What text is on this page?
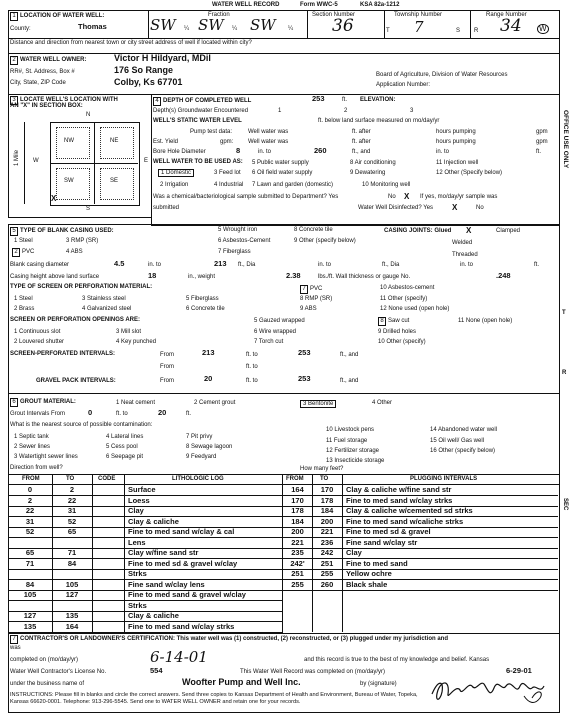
WATER WELL RECORD	Form WWC-5	KSA 82a-1212
1 LOCATION OF WATER WELL:
County:	Thomas
Fraction
SW ¼ SW ¼ SW ¼
Section Number
36
Township Number
T 7	S
Range Number
R 34 W
Distance and direction from nearest town or city street address of well if located within city?
2 WATER WELL OWNER:	Victor H Hildyard, MDil
RR#, St. Address, Box #	176 So Range
City, State, ZIP Code	Colby, Ks 67701
Board of Agriculture, Division of Water Resources
Application Number:
3 LOCATE WELL'S LOCATION WITH
AN "X" IN SECTION BOX:
N
S
W	E
1 Mile
NW	NE
SW	SE
X
4 DEPTH OF COMPLETED WELL	253	ft. ELEVATION:
Depth(s) Groundwater Encountered	1	2	3
WELL'S STATIC WATER LEVEL	ft. below land surface measured on mo/day/yr
Pump test data:	Well water was	ft. after	hours pumping	gpm
Est. Yield	gpm: Well water was	ft. after	hours pumping	gpm
Bore Hole Diameter	8	in. to	260	ft., and	in. to	ft.
WELL WATER TO BE USED AS:
1 Domestic	3 Feed lot
5 Public water supply	8 Air conditioning	11 Injection well
2 Irrigation	4 Industrial
6 Oil field water supply	9 Dewatering	12 Other (Specify below)
7 Lawn and garden (domestic)	10 Monitoring well
Was a chemical/bacteriological sample submitted to Department? Yes	No X If yes, mo/day/yr sample was
submitted	Water Well Disinfected? Yes X	No
5 TYPE OF BLANK CASING USED:
1 Steel	3 RMP (SR)
5 Wrought iron
6 Asbestos-Cement
8 Concrete tile
9 Other (specify below)
2 PVC	4 ABS	7 Fiberglass
CASING JOINTS: Glued X	Clamped
Welded
Threaded
Blank casing diameter	4.5	in. to	213 ft., Dia	in. to	ft., Dia	in. to	ft.
Casing height above land surface	18	in., weight	2.38	lbs./ft. Wall thickness or gauge No.	.248
TYPE OF SCREEN OR PERFORATION MATERIAL:	7 PVC	10 Asbestos-cement
1 Steel	3 Stainless steel	5 Fiberglass	8 RMP (SR)	11 Other (specify)
2 Brass	4 Galvanized steel	6 Concrete tile	9 ABS	12 None used (open hole)
SCREEN OR PERFORATION OPENINGS ARE:	5 Gauzed wrapped	8 Saw cut	11 None (open hole)
1 Continuous slot	3 Mill slot	6 Wire wrapped	9 Drilled holes
2 Louvered shutter	4 Key punched	7 Torch cut	10 Other (specify)
SCREEN-PERFORATED INTERVALS:	From	213	ft. to	253	ft., and
From	ft. to
GRAVEL PACK INTERVALS:	From	20	ft. to	253	ft., and
6 GROUT MATERIAL:	1 Neat cement	2 Cement grout	3 Bentonite	4 Other
Grout Intervals From	0	ft. to	20	ft.
What is the nearest source of possible contamination:
1 Septic tank	4 Lateral lines	7 Pit privy
10 Livestock pens	14 Abandoned water well
2 Sewer lines	5 Cess pool	8 Sewage lagoon
11 Fuel storage	15 Oil well/ Gas well
3 Watertight sewer lines	6 Seepage pit	9 Feedyard
12 Fertilizer storage	16 Other (specify below)
13 Insecticide storage
Direction from well?	How many feet?
FROM	TO	CODE	LITHOLOGIC LOG	FROM	TO	PLUGGING INTERVALS
0	2	Surface
2	22	Loess
22	31	Clay
31	52	Clay & caliche
52	65	Fine to med sand w/clay & cal
Lens
65	71	Clay w/fine sand str
71	84	Fine to med sd & gravel w/clay
Strks
84	105	Fine sand w/clay lens
105	127	Fine to med sand & gravel w/clay
Strks
127	135	Clay & caliche
135	164	Fine to med sand w/clay strks
164	170	Clay & caliche w/fine sand str
170	178	Fine to med sand w/clay strks
178	184	Clay & caliche w/cemented sd strks
184	200	Fine to med sand w/caliche strks
200	221	Fine to med sd & gravel
221	236	Fine sand w/clay str
235	242	Clay
242'	251	Fine to med sand
251	255	Yellow ochre
255	260	Black shale
7 CONTRACTOR'S OR LANDOWNER'S CERTIFICATION: This water well was (1) constructed, (2) reconstructed, or (3) plugged under my jurisdiction and
was
completed on (mo/day/yr)	6-14-01	and this record is true to the best of my knowledge and belief. Kansas
Water Well Contractor's License No.	554	This Water Well Record was completed on (mo/day/yr)	6-29-01
under the business name of	Woofter Pump and Well Inc.	by (signature)
INSTRUCTIONS: Please fill in blanks and circle the correct answers. Send three copies to Kansas Department of Health and Environment, Bureau of Water, Topeka, Kansas 66620-0001. Telephone: 913-296-5545. Send one to WATER WELL OWNER and retain one for your records.
OFFICE USE ONLY
T
R
SEC
